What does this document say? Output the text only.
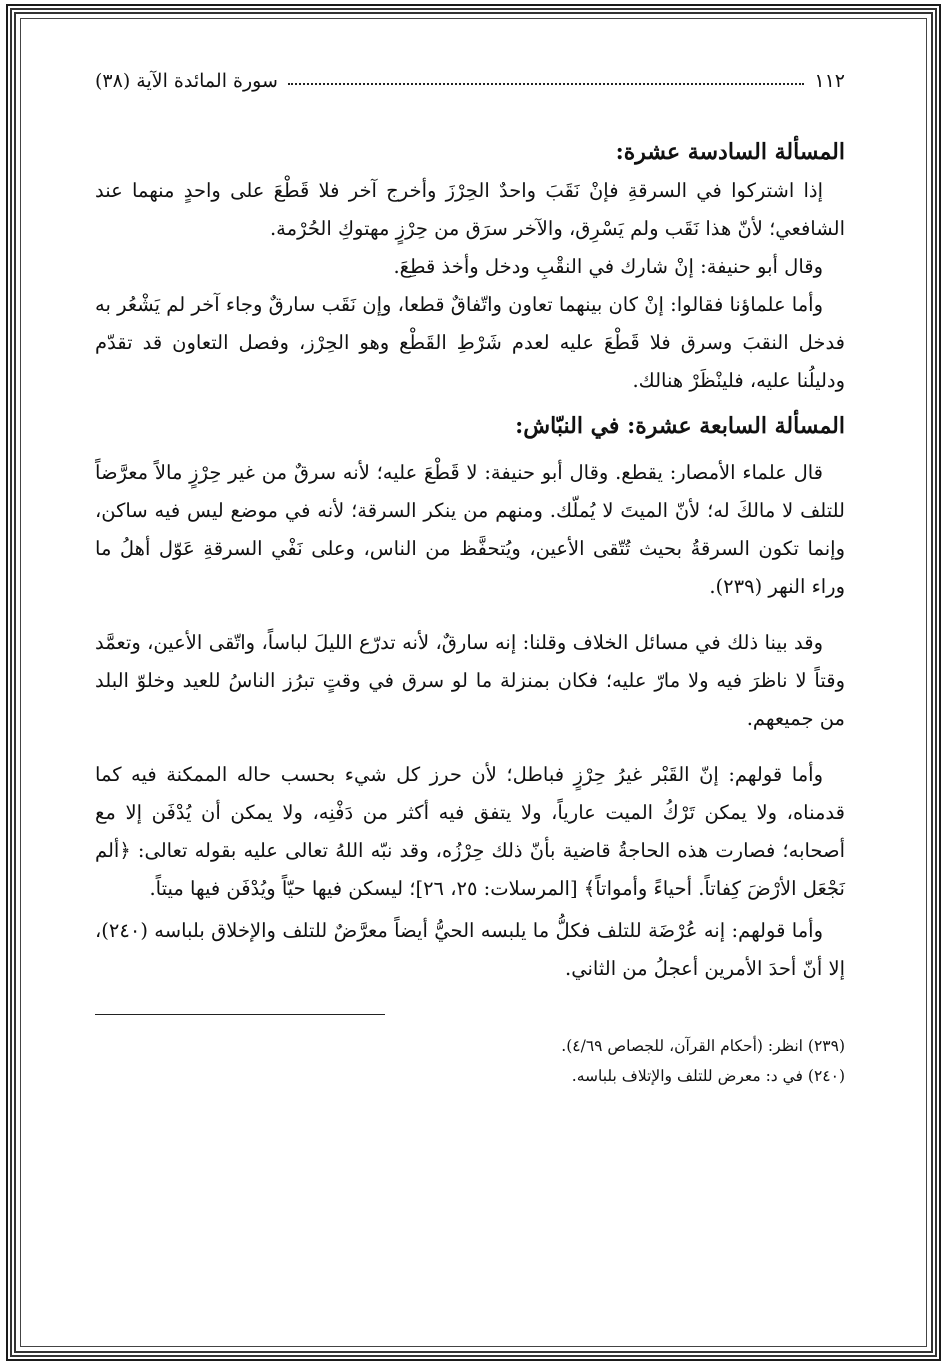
١١٢
سورة المائدة الآية (٣٨)
المسألة السادسة عشرة:

إذا اشتركوا في السرقةِ فإنْ نَقَبَ واحدٌ الحِرْزَ وأخرج آخر فلا قَطْعَ على واحدٍ منهما عند الشافعي؛ لأنّ هذا نَقَب ولم يَسْرِق، والآخر سرَق من حِرْزٍ مهتوكِ الحُرْمة.

وقال أبو حنيفة: إنْ شارك في النقْبِ ودخل وأخذ قطِعَ.

وأما علماؤنا فقالوا: إنْ كان بينهما تعاون واتّفاقٌ قطعا، وإن نَقَب سارقٌ وجاء آخر لم يَشْعُر به فدخل النقبَ وسرق فلا قَطْعَ عليه لعدم شَرْطِ القَطْع وهو الحِرْز، وفصل التعاون قد تقدّم ودليلُنا عليه، فلينْظَرْ هنالك.

المسألة السابعة عشرة: في النبّاش:

قال علماء الأمصار: يقطع. وقال أبو حنيفة: لا قَطْعَ عليه؛ لأنه سرقٌ من غير حِرْزٍ مالاً معرَّضاً للتلف لا مالكَ له؛ لأنّ الميتَ لا يُملّك. ومنهم من ينكر السرقة؛ لأنه في موضع ليس فيه ساكن، وإنما تكون السرقةُ بحيث تُتّقى الأعين، ويُتحفَّظ من الناس، وعلى نَفْي السرقةِ عَوّل أهلُ ما وراء النهر (٢٣٩).

وقد بينا ذلك في مسائل الخلاف وقلنا: إنه سارقٌ، لأنه تدرّع الليلَ لباساً، واتّقى الأعين، وتعمَّد وقتاً لا ناظرَ فيه ولا مارّ عليه؛ فكان بمنزلة ما لو سرق في وقتٍ تبرُز الناسُ للعيد وخلوّ البلد من جميعهم.

وأما قولهم: إنّ القَبْر غيرُ حِرْزٍ فباطل؛ لأن حرز كل شيء بحسب حاله الممكنة فيه كما قدمناه، ولا يمكن تَرْكُ الميت عارياً، ولا يتفق فيه أكثر من دَفْنِه، ولا يمكن أن يُدْفَن إلا مع أصحابه؛ فصارت هذه الحاجةُ قاضية بأنّ ذلك حِرْزُه، وقد نبّه اللهُ تعالى عليه بقوله تعالى: ﴿ألم نَجْعَل الأرْضَ كِفاتاً. أحياءً وأمواتاً﴾ [المرسلات: ٢٥، ٢٦]؛ ليسكن فيها حيّاً ويُدْفَن فيها ميتاً.

وأما قولهم: إنه عُرْضَة للتلف فكلُّ ما يلبسه الحيُّ أيضاً معرَّضٌ للتلف والإخلاق بلباسه (٢٤٠)، إلا أنّ أحدَ الأمرين أعجلُ من الثاني.

(٢٣٩) انظر: (أحكام القرآن، للجصاص ٤/٦٩).

(٢٤٠) في د: معرض للتلف والإتلاف بلباسه.
